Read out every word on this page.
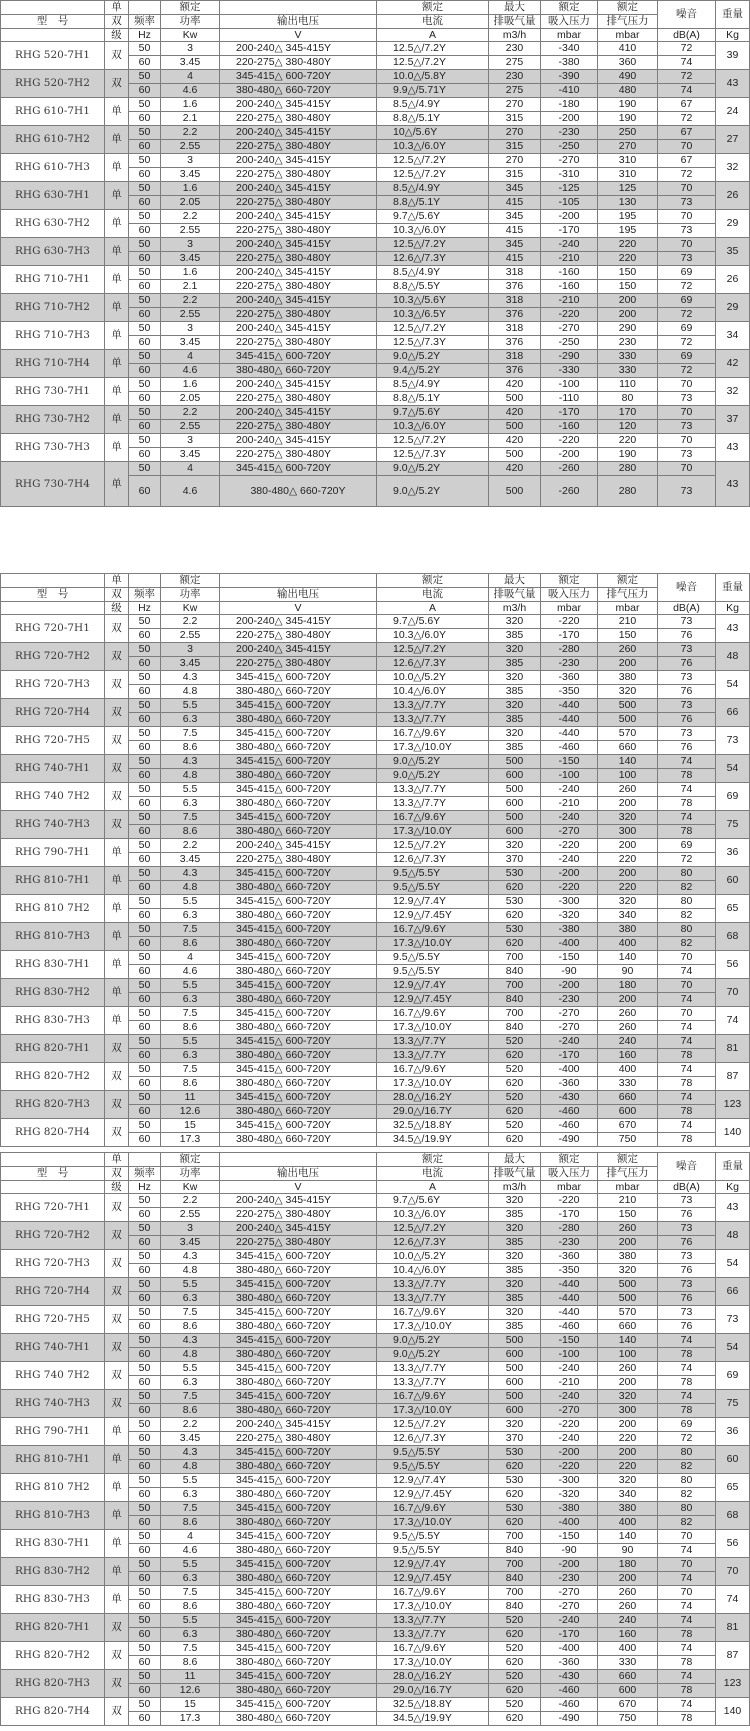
	单		额定		额定	最大	额定	额定	噪音	重量
型　号	双	频率	功率	输出电压	电流	排吸气量	吸入压力	排气压力		
	级	Hz	Kw	V	A	m3/h	mbar	mbar	dB(A)	Kg
RHG 520-7H1	双	50	3	200-240△ 345-415Y	12.5△/7.2Y	230	-340	410	72	39
		60	3.45	220-275△ 380-480Y	12.5△/7.2Y	275	-380	360	74	
RHG 520-7H2	双	50	4	345-415△ 600-720Y	10.0△/5.8Y	230	-390	490	72	43
		60	4.6	380-480△ 660-720Y	9.9△/5.71Y	275	-410	480	74	
RHG 610-7H1	单	50	1.6	200-240△ 345-415Y	8.5△/4.9Y	270	-180	190	67	24
		60	2.1	220-275△ 380-480Y	8.8△/5.1Y	315	-200	190	72	
RHG 610-7H2	单	50	2.2	200-240△ 345-415Y	10△/5.6Y	270	-230	250	67	27
		60	2.55	220-275△ 380-480Y	10.3△/6.0Y	315	-250	270	70	
RHG 610-7H3	单	50	3	200-240△ 345-415Y	12.5△/7.2Y	270	-270	310	67	32
		60	3.45	220-275△ 380-480Y	12.5△/7.2Y	315	-310	310	72	
RHG 630-7H1	单	50	1.6	200-240△ 345-415Y	8.5△/4.9Y	345	-125	125	70	26
		60	2.05	220-275△ 380-480Y	8.8△/5.1Y	415	-105	130	73	
RHG 630-7H2	单	50	2.2	200-240△ 345-415Y	9.7△/5.6Y	345	-200	195	70	29
		60	2.55	220-275△ 380-480Y	10.3△/6.0Y	415	-170	195	73	
RHG 630-7H3	单	50	3	200-240△ 345-415Y	12.5△/7.2Y	345	-240	220	70	35
		60	3.45	220-275△ 380-480Y	12.6△/7.3Y	415	-210	220	73	
RHG 710-7H1	单	50	1.6	200-240△ 345-415Y	8.5△/4.9Y	318	-160	150	69	26
		60	2.1	220-275△ 380-480Y	8.8△/5.5Y	376	-160	150	72	
RHG 710-7H2	单	50	2.2	200-240△ 345-415Y	10.3△/5.6Y	318	-210	200	69	29
		60	2.55	220-275△ 380-480Y	10.3△/6.5Y	376	-220	200	72	
RHG 710-7H3	单	50	3	200-240△ 345-415Y	12.5△/7.2Y	318	-270	290	69	34
		60	3.45	220-275△ 380-480Y	12.5△/7.3Y	376	-250	230	72	
RHG 710-7H4	单	50	4	345-415△ 600-720Y	9.0△/5.2Y	318	-290	330	69	42
		60	4.6	380-480△ 660-720Y	9.4△/5.2Y	376	-330	330	72	
RHG 730-7H1	单	50	1.6	200-240△ 345-415Y	8.5△/4.9Y	420	-100	110	70	32
		60	2.05	220-275△ 380-480Y	8.8△/5.1Y	500	-110	80	73	
RHG 730-7H2	单	50	2.2	200-240△ 345-415Y	9.7△/5.6Y	420	-170	170	70	37
		60	2.55	220-275△ 380-480Y	10.3△/6.0Y	500	-160	120	73	
RHG 730-7H3	单	50	3	200-240△ 345-415Y	12.5△/7.2Y	420	-220	220	70	43
		60	3.45	220-275△ 380-480Y	12.5△/7.3Y	500	-200	190	73	
RHG 730-7H4	单	50	4	345-415△ 600-720Y	9.0△/5.2Y	420	-260	280	70	43
		60	4.6	380-480△ 660-720Y	9.0△/5.2Y	500	-260	280	73	
	单		额定		额定	最大	额定	额定	噪音	重量
型　号	双	频率	功率	输出电压	电流	排吸气量	吸入压力	排气压力		
	级	Hz	Kw	V	A	m3/h	mbar	mbar	dB(A)	Kg
RHG 720-7H1	双	50	2.2	200-240△ 345-415Y	9.7△/5.6Y	320	-220	210	73	43
		60	2.55	220-275△ 380-480Y	10.3△/6.0Y	385	-170	150	76	
RHG 720-7H2	双	50	3	200-240△ 345-415Y	12.5△/7.2Y	320	-280	260	73	48
		60	3.45	220-275△ 380-480Y	12.6△/7.3Y	385	-230	200	76	
RHG 720-7H3	双	50	4.3	345-415△ 600-720Y	10.0△/5.2Y	320	-360	380	73	54
		60	4.8	380-480△ 660-720Y	10.4△/6.0Y	385	-350	320	76	
RHG 720-7H4	双	50	5.5	345-415△ 600-720Y	13.3△/7.7Y	320	-440	500	73	66
		60	6.3	380-480△ 660-720Y	13.3△/7.7Y	385	-440	500	76	
RHG 720-7H5	双	50	7.5	345-415△ 600-720Y	16.7△/9.6Y	320	-440	570	73	73
		60	8.6	380-480△ 660-720Y	17.3△/10.0Y	385	-460	660	76	
RHG 740-7H1	双	50	4.3	345-415△ 600-720Y	9.0△/5.2Y	500	-150	140	74	54
		60	4.8	380-480△ 660-720Y	9.0△/5.2Y	600	-100	100	78	
RHG 740 7H2	双	50	5.5	345-415△ 600-720Y	13.3△/7.7Y	500	-240	260	74	69
		60	6.3	380-480△ 660-720Y	13.3△/7.7Y	600	-210	200	78	
RHG 740-7H3	双	50	7.5	345-415△ 600-720Y	16.7△/9.6Y	500	-240	320	74	75
		60	8.6	380-480△ 660-720Y	17.3△/10.0Y	600	-270	300	78	
RHG 790-7H1	单	50	2.2	200-240△ 345-415Y	12.5△/7.2Y	320	-220	200	69	36
		60	3.45	220-275△ 380-480Y	12.6△/7.3Y	370	-240	220	72	
RHG 810-7H1	单	50	4.3	345-415△ 600-720Y	9.5△/5.5Y	530	-200	200	80	60
		60	4.8	380-480△ 660-720Y	9.5△/5.5Y	620	-220	220	82	
RHG 810 7H2	单	50	5.5	345-415△ 600-720Y	12.9△/7.4Y	530	-300	320	80	65
		60	6.3	380-480△ 660-720Y	12.9△/7.45Y	620	-320	340	82	
RHG 810-7H3	单	50	7.5	345-415△ 600-720Y	16.7△/9.6Y	530	-380	380	80	68
		60	8.6	380-480△ 660-720Y	17.3△/10.0Y	620	-400	400	82	
RHG 830-7H1	单	50	4	345-415△ 600-720Y	9.5△/5.5Y	700	-150	140	70	56
		60	4.6	380-480△ 660-720Y	9.5△/5.5Y	840	-90	90	74	
RHG 830-7H2	单	50	5.5	345-415△ 600-720Y	12.9△/7.4Y	700	-200	180	70	70
		60	6.3	380-480△ 660-720Y	12.9△/7.45Y	840	-230	200	74	
RHG 830-7H3	单	50	7.5	345-415△ 600-720Y	16.7△/9.6Y	700	-270	260	70	74
		60	8.6	380-480△ 660-720Y	17.3△/10.0Y	840	-270	260	74	
RHG 820-7H1	双	50	5.5	345-415△ 600-720Y	13.3△/7.7Y	520	-240	240	74	81
		60	6.3	380-480△ 660-720Y	13.3△/7.7Y	620	-170	160	78	
RHG 820-7H2	双	50	7.5	345-415△ 600-720Y	16.7△/9.6Y	520	-400	400	74	87
		60	8.6	380-480△ 660-720Y	17.3△/10.0Y	620	-360	330	78	
RHG 820-7H3	双	50	11	345-415△ 600-720Y	28.0△/16.2Y	520	-430	660	74	123
		60	12.6	380-480△ 660-720Y	29.0△/16.7Y	620	-460	600	78	
RHG 820-7H4	双	50	15	345-415△ 600-720Y	32.5△/18.8Y	520	-460	670	74	140
		60	17.3	380-480△ 660-720Y	34.5△/19.9Y	620	-490	750	78	
	单		额定		额定	最大	额定	额定	噪音	重量
型　号	双	频率	功率	输出电压	电流	排吸气量	吸入压力	排气压力		
	级	Hz	Kw	V	A	m3/h	mbar	mbar	dB(A)	Kg
RHG 720-7H1	双	50	2.2	200-240△ 345-415Y	9.7△/5.6Y	320	-220	210	73	43
		60	2.55	220-275△ 380-480Y	10.3△/6.0Y	385	-170	150	76	
RHG 720-7H2	双	50	3	200-240△ 345-415Y	12.5△/7.2Y	320	-280	260	73	48
		60	3.45	220-275△ 380-480Y	12.6△/7.3Y	385	-230	200	76	
RHG 720-7H3	双	50	4.3	345-415△ 600-720Y	10.0△/5.2Y	320	-360	380	73	54
		60	4.8	380-480△ 660-720Y	10.4△/6.0Y	385	-350	320	76	
RHG 720-7H4	双	50	5.5	345-415△ 600-720Y	13.3△/7.7Y	320	-440	500	73	66
		60	6.3	380-480△ 660-720Y	13.3△/7.7Y	385	-440	500	76	
RHG 720-7H5	双	50	7.5	345-415△ 600-720Y	16.7△/9.6Y	320	-440	570	73	73
		60	8.6	380-480△ 660-720Y	17.3△/10.0Y	385	-460	660	76	
RHG 740-7H1	双	50	4.3	345-415△ 600-720Y	9.0△/5.2Y	500	-150	140	74	54
		60	4.8	380-480△ 660-720Y	9.0△/5.2Y	600	-100	100	78	
RHG 740 7H2	双	50	5.5	345-415△ 600-720Y	13.3△/7.7Y	500	-240	260	74	69
		60	6.3	380-480△ 660-720Y	13.3△/7.7Y	600	-210	200	78	
RHG 740-7H3	双	50	7.5	345-415△ 600-720Y	16.7△/9.6Y	500	-240	320	74	75
		60	8.6	380-480△ 660-720Y	17.3△/10.0Y	600	-270	300	78	
RHG 790-7H1	单	50	2.2	200-240△ 345-415Y	12.5△/7.2Y	320	-220	200	69	36
		60	3.45	220-275△ 380-480Y	12.6△/7.3Y	370	-240	220	72	
RHG 810-7H1	单	50	4.3	345-415△ 600-720Y	9.5△/5.5Y	530	-200	200	80	60
		60	4.8	380-480△ 660-720Y	9.5△/5.5Y	620	-220	220	82	
RHG 810 7H2	单	50	5.5	345-415△ 600-720Y	12.9△/7.4Y	530	-300	320	80	65
		60	6.3	380-480△ 660-720Y	12.9△/7.45Y	620	-320	340	82	
RHG 810-7H3	单	50	7.5	345-415△ 600-720Y	16.7△/9.6Y	530	-380	380	80	68
		60	8.6	380-480△ 660-720Y	17.3△/10.0Y	620	-400	400	82	
RHG 830-7H1	单	50	4	345-415△ 600-720Y	9.5△/5.5Y	700	-150	140	70	56
		60	4.6	380-480△ 660-720Y	9.5△/5.5Y	840	-90	90	74	
RHG 830-7H2	单	50	5.5	345-415△ 600-720Y	12.9△/7.4Y	700	-200	180	70	70
		60	6.3	380-480△ 660-720Y	12.9△/7.45Y	840	-230	200	74	
RHG 830-7H3	单	50	7.5	345-415△ 600-720Y	16.7△/9.6Y	700	-270	260	70	74
		60	8.6	380-480△ 660-720Y	17.3△/10.0Y	840	-270	260	74	
RHG 820-7H1	双	50	5.5	345-415△ 600-720Y	13.3△/7.7Y	520	-240	240	74	81
		60	6.3	380-480△ 660-720Y	13.3△/7.7Y	620	-170	160	78	
RHG 820-7H2	双	50	7.5	345-415△ 600-720Y	16.7△/9.6Y	520	-400	400	74	87
		60	8.6	380-480△ 660-720Y	17.3△/10.0Y	620	-360	330	78	
RHG 820-7H3	双	50	11	345-415△ 600-720Y	28.0△/16.2Y	520	-430	660	74	123
		60	12.6	380-480△ 660-720Y	29.0△/16.7Y	620	-460	600	78	
RHG 820-7H4	双	50	15	345-415△ 600-720Y	32.5△/18.8Y	520	-460	670	74	140
		60	17.3	380-480△ 660-720Y	34.5△/19.9Y	620	-490	750	78	
